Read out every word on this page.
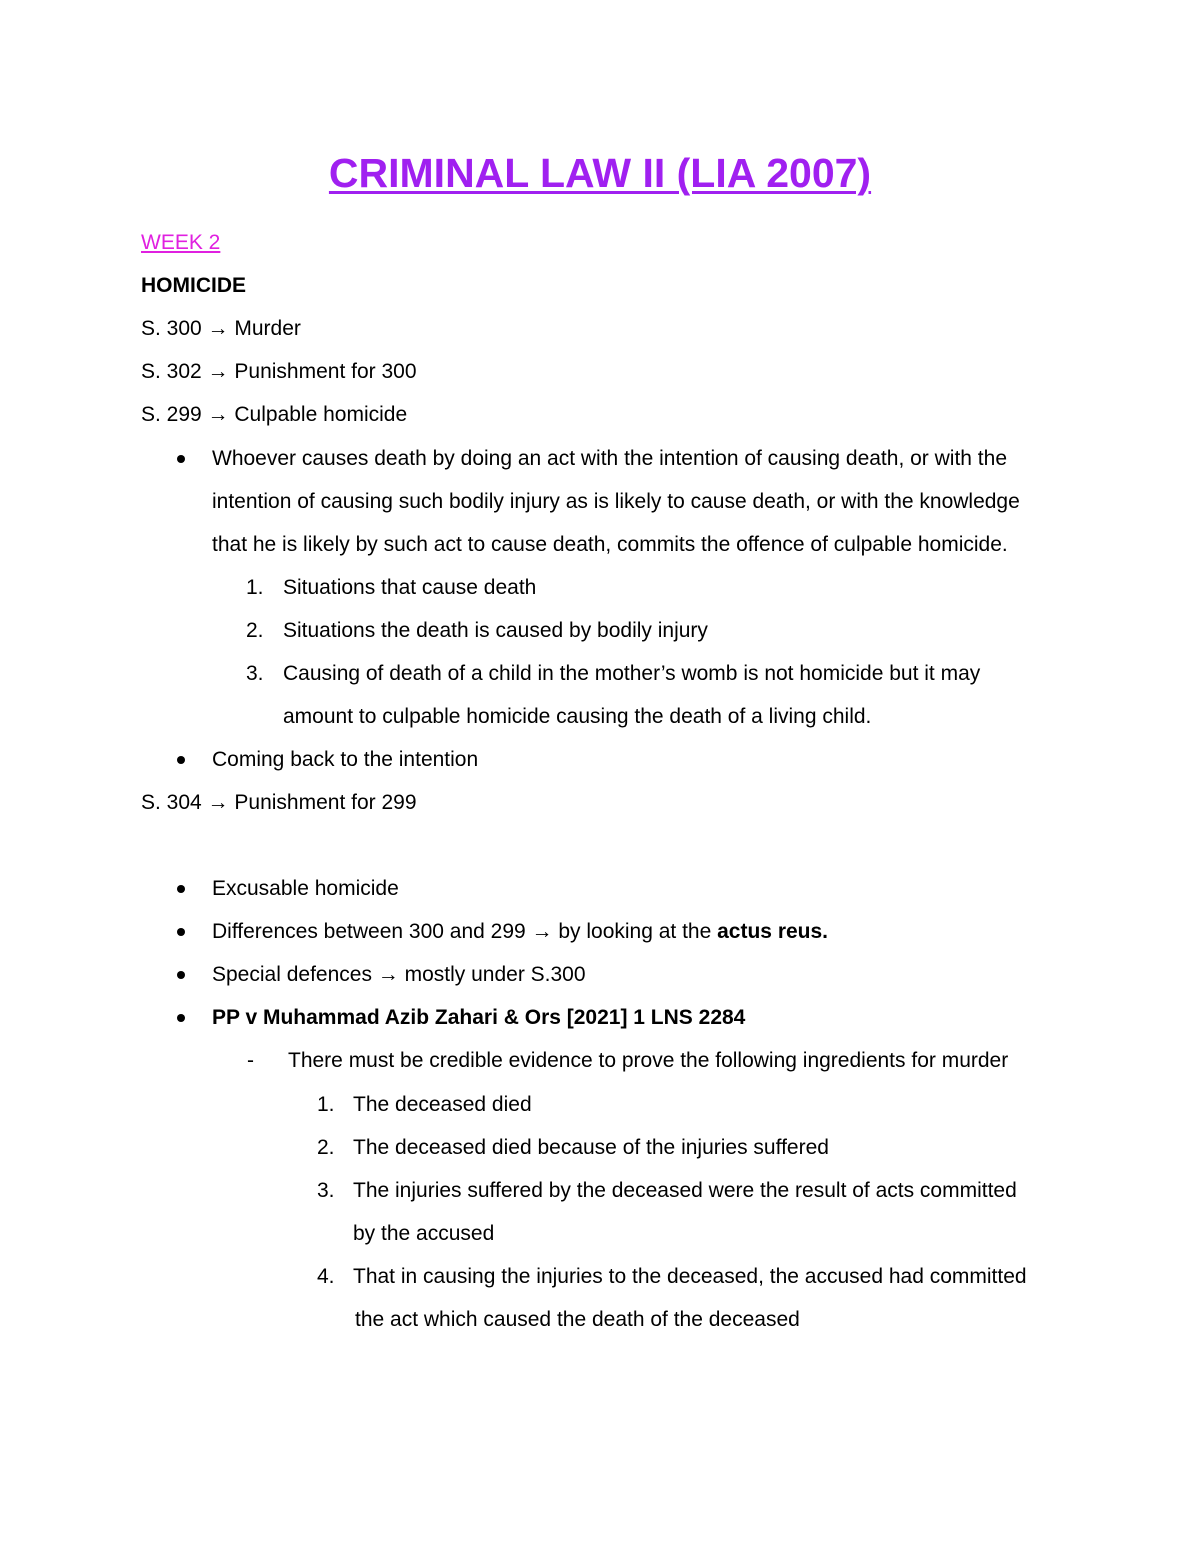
CRIMINAL LAW II (LIA 2007)
WEEK 2
HOMICIDE
S. 300 → Murder
S. 302 → Punishment for 300
S. 299 → Culpable homicide
Whoever causes death by doing an act with the intention of causing death, or with the
intention of causing such bodily injury as is likely to cause death, or with the knowledge
that he is likely by such act to cause death, commits the offence of culpable homicide.
1. Situations that cause death
2. Situations the death is caused by bodily injury
3. Causing of death of a child in the mother’s womb is not homicide but it may
amount to culpable homicide causing the death of a living child.
Coming back to the intention
S. 304 → Punishment for 299
Excusable homicide
Differences between 300 and 299 → by looking at the actus reus.
Special defences → mostly under S.300
PP v Muhammad Azib Zahari & Ors [2021] 1 LNS 2284
- There must be credible evidence to prove the following ingredients for murder
1. The deceased died
2. The deceased died because of the injuries suffered
3. The injuries suffered by the deceased were the result of acts committed
by the accused
4. That in causing the injuries to the deceased, the accused had committed
the act which caused the death of the deceased
